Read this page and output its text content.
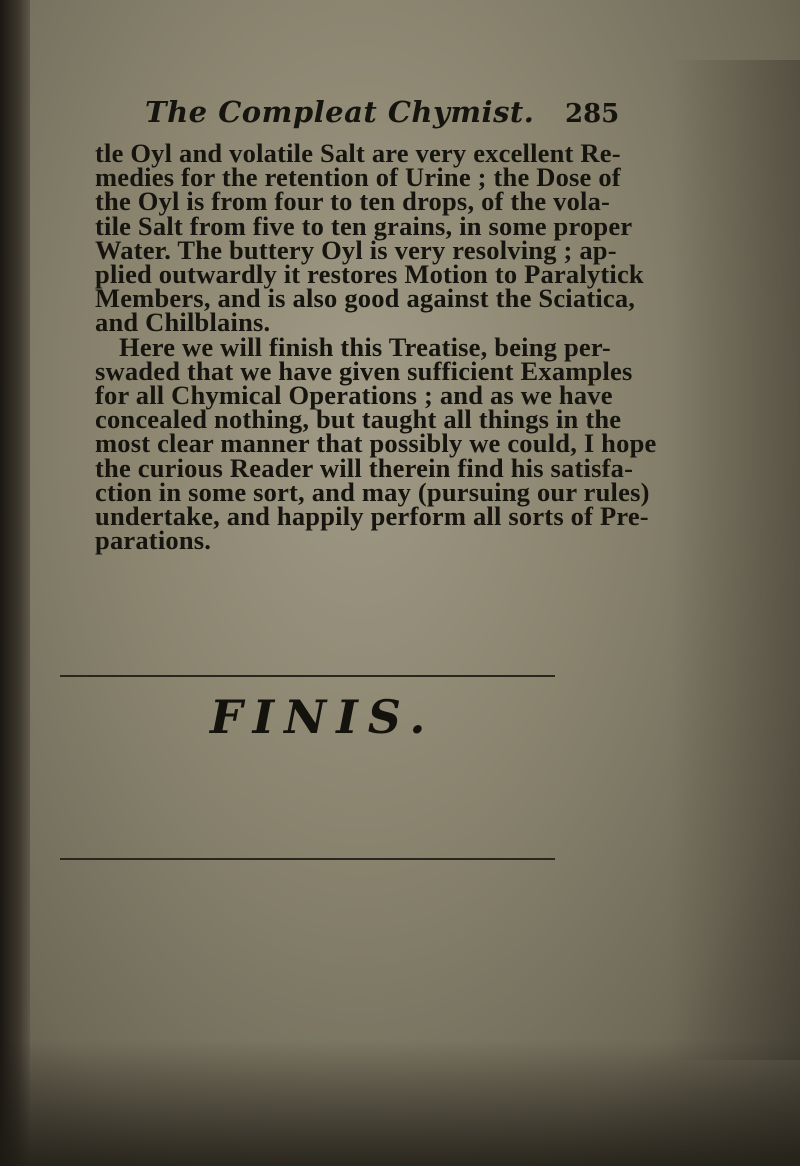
The Compleat Chymist. 285
tle Oyl and volatile Salt are very excellent Re-
medies for the retention of Urine ; the Dose of
the Oyl is from four to ten drops, of the vola-
tile Salt from five to ten grains, in some proper
Water. The buttery Oyl is very resolving ; ap-
plied outwardly it restores Motion to Paralytick
Members, and is also good against the Sciatica,
and Chilblains.
Here we will finish this Treatise, being per-
swaded that we have given sufficient Examples
for all Chymical Operations ; and as we have
concealed nothing, but taught all things in the
most clear manner that possibly we could, I hope
the curious Reader will therein find his satisfa-
ction in some sort, and may (pursuing our rules)
undertake, and happily perform all sorts of Pre-
parations.
FINIS.
